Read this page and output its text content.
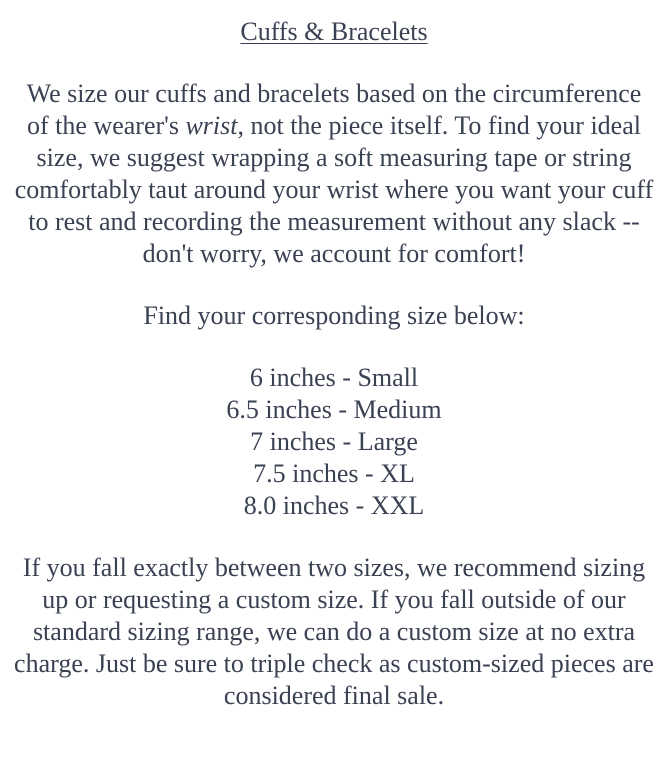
Cuffs & Bracelets

We size our cuffs and bracelets based on the circumference of the wearer's wrist, not the piece itself. To find your ideal size, we suggest wrapping a soft measuring tape or string comfortably taut around your wrist where you want your cuff to rest and recording the measurement without any slack -- don't worry, we account for comfort!

Find your corresponding size below:

6 inches - Small
6.5 inches - Medium
7 inches - Large
7.5 inches - XL
8.0 inches - XXL

If you fall exactly between two sizes, we recommend sizing up or requesting a custom size. If you fall outside of our standard sizing range, we can do a custom size at no extra charge. Just be sure to triple check as custom-sized pieces are considered final sale.
